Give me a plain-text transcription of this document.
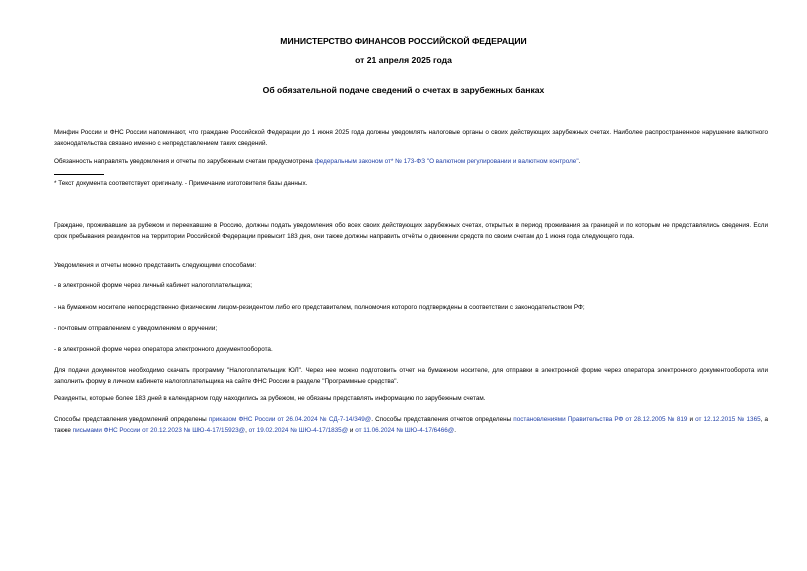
МИНИСТЕРСТВО ФИНАНСОВ РОССИЙСКОЙ ФЕДЕРАЦИИ
от 21 апреля 2025 года
Об обязательной подаче сведений о счетах в зарубежных банках
Минфин России и ФНС России напоминают, что граждане Российской Федерации до 1 июня 2025 года должны уведомлять налоговые органы о своих действующих зарубежных счетах. Наиболее распространенное нарушение валютного законодательства связано именно с непредставлением таких сведений.
Обязанность направлять уведомления и отчеты по зарубежным счетам предусмотрена федеральным законом от* № 173-ФЗ "О валютном регулировании и валютном контроле".
* Текст документа соответствует оригиналу. - Примечание изготовителя базы данных.
Граждане, проживавшие за рубежом и переехавшие в Россию, должны подать уведомления обо всех своих действующих зарубежных счетах, открытых в период проживания за границей и по которым не представлялись сведения. Если срок пребывания резидентов на территории Российской Федерации превысит 183 дня, они также должны направить отчёты о движении средств по своим счетам до 1 июня года следующего года.
Уведомления и отчеты можно представить следующими способами:
- в электронной форме через личный кабинет налогоплательщика;
- на бумажном носителе непосредственно физическим лицом-резидентом либо его представителем, полномочия которого подтверждены в соответствии с законодательством РФ;
- почтовым отправлением с уведомлением о вручении;
- в электронной форме через оператора электронного документооборота.
Для подачи документов необходимо скачать программу "Налогоплательщик ЮЛ". Через нее можно подготовить отчет на бумажном носителе, для отправки в электронной форме через оператора электронного документооборота или заполнить форму в личном кабинете налогоплательщика на сайте ФНС России в разделе "Программные средства".
Резиденты, которые более 183 дней в календарном году находились за рубежом, не обязаны представлять информацию по зарубежным счетам.
Способы представления уведомлений определены приказом ФНС России от 26.04.2024 № СД-7-14/349@. Способы представления отчетов определены постановлениями Правительства РФ от 28.12.2005 № 819 и от 12.12.2015 № 1365, а также письмами ФНС России от 20.12.2023 № ШЮ-4-17/15923@, от 19.02.2024 № ШЮ-4-17/1835@ и от 11.06.2024 № ШЮ-4-17/6466@.
